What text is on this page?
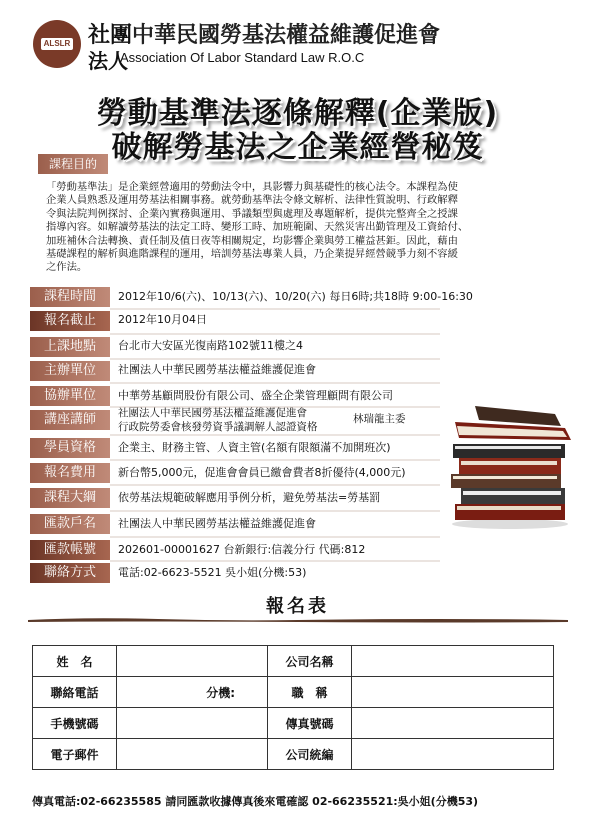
ALSLR 社團中華民國勞基法權益維護促進會
法人
Association Of Labor Standard Law R.O.C
勞動基準法逐條解釋(企業版)
破解勞基法之企業經營秘笈
課程目的

「勞動基準法」是企業經營適用的勞動法令中，具影響力與基礎性的核心法令。本課程為使

企業人員熟悉及運用勞基法相關事務。就勞動基準法令條文解析、法律性質說明、行政解釋

令與法院判例探討、企業內實務與運用、爭議類型與處理及專題解析，提供完整齊全之授課

指導內容。如解讀勞基法的法定工時、變形工時、加班範圍、天然災害出勤管理及工資給付、

加班補休合法轉換、責任制及值日夜等相關規定，均影響企業與勞工權益甚鉅。因此，藉由

基礎課程的解析與進階課程的運用，培訓勞基法專業人員，乃企業提昇經營競爭力刻不容緩

之作法。

課程時間	2012年10/6(六)、10/13(六)、10/20(六) 每日6時;共18時 9:00-16:30
報名截止	2012年10月04日
上課地點	台北市大安區光復南路102號11樓之4
主辦單位	社團法人中華民國勞基法權益維護促進會
協辦單位	中華勞基顧問股份有限公司、盛全企業管理顧問有限公司
講座講師	社團法人中華民國勞基法權益維護促進會
行政院勞委會核發勞資爭議調解人認證資格
林瑞龍主委
學員資格	企業主、財務主管、人資主管(名額有限額滿不加開班次)
報名費用	新台幣5,000元，促進會會員已繳會費者8折優待(4,000元)
課程大綱	依勞基法規範破解應用爭例分析，避免勞基法=勞基罰
匯款戶名	社團法人中華民國勞基法權益維護促進會
匯款帳號	202601-00001627 台新銀行:信義分行 代碼:812
聯絡方式	電話:02-6623-5521 吳小姐(分機:53)
報名表
姓　名		公司名稱	
聯絡電話	分機:	職　稱	
手機號碼		傳真號碼	
電子郵件		公司統編	
傳真電話:02-66235585 請同匯款收據傳真後來電確認 02-66235521:吳小姐(分機53)
